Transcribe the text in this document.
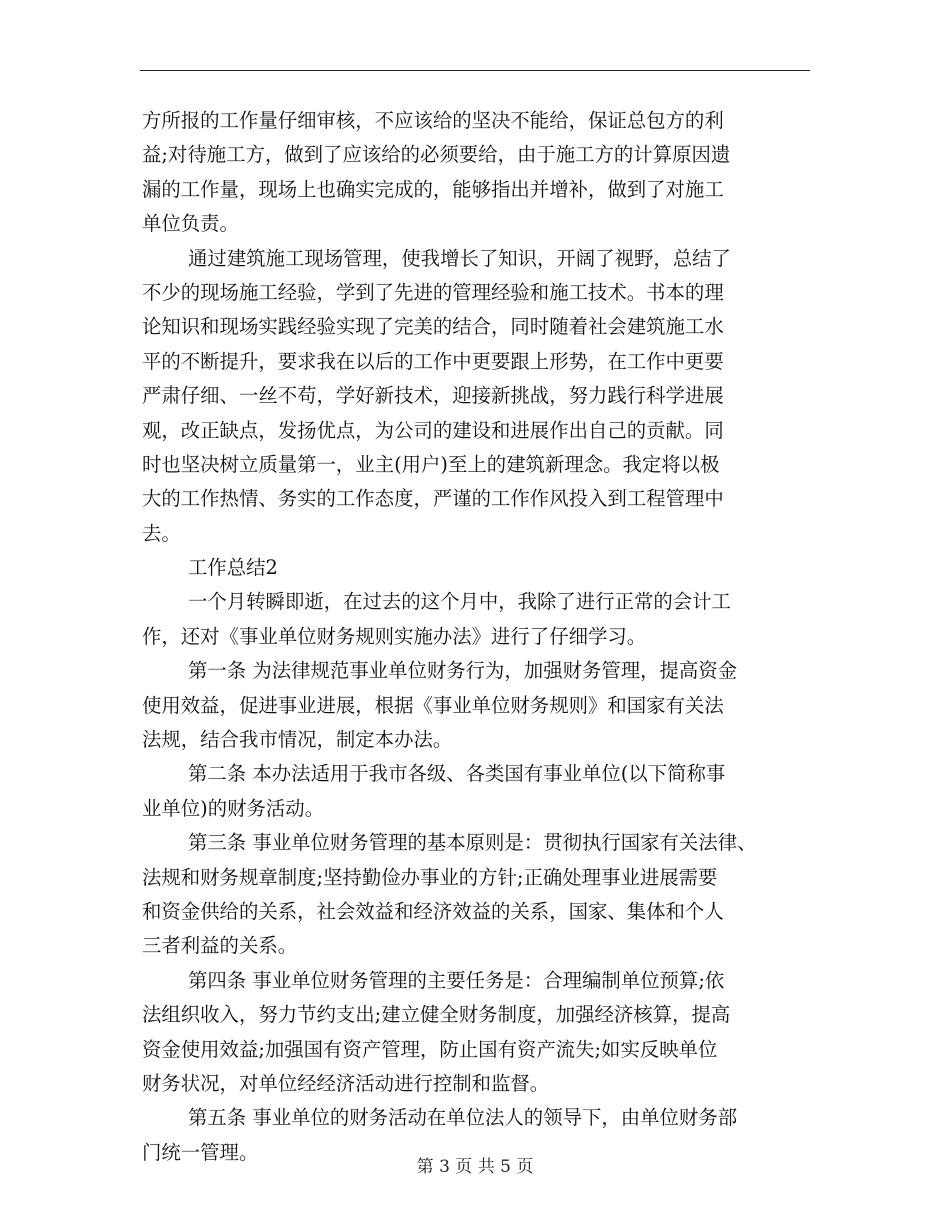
方所报的工作量仔细审核，不应该给的坚决不能给，保证总包方的利
益;对待施工方，做到了应该给的必须要给，由于施工方的计算原因遗
漏的工作量，现场上也确实完成的，能够指出并增补，做到了对施工
单位负责。
通过建筑施工现场管理，使我增长了知识，开阔了视野，总结了
不少的现场施工经验，学到了先进的管理经验和施工技术。书本的理
论知识和现场实践经验实现了完美的结合，同时随着社会建筑施工水
平的不断提升，要求我在以后的工作中更要跟上形势，在工作中更要
严肃仔细、一丝不苟，学好新技术，迎接新挑战，努力践行科学进展
观，改正缺点，发扬优点，为公司的建设和进展作出自己的贡献。同
时也坚决树立质量第一，业主(用户)至上的建筑新理念。我定将以极
大的工作热情、务实的工作态度，严谨的工作作风投入到工程管理中
去。
工作总结2
一个月转瞬即逝，在过去的这个月中，我除了进行正常的会计工
作，还对《事业单位财务规则实施办法》进行了仔细学习。
第一条 为法律规范事业单位财务行为，加强财务管理，提高资金
使用效益，促进事业进展，根据《事业单位财务规则》和国家有关法
法规，结合我市情况，制定本办法。
第二条 本办法适用于我市各级、各类国有事业单位(以下简称事
业单位)的财务活动。
第三条 事业单位财务管理的基本原则是：贯彻执行国家有关法律、
法规和财务规章制度;坚持勤俭办事业的方针;正确处理事业进展需要
和资金供给的关系，社会效益和经济效益的关系，国家、集体和个人
三者利益的关系。
第四条 事业单位财务管理的主要任务是：合理编制单位预算;依
法组织收入，努力节约支出;建立健全财务制度，加强经济核算，提高
资金使用效益;加强国有资产管理，防止国有资产流失;如实反映单位
财务状况，对单位经经济活动进行控制和监督。
第五条 事业单位的财务活动在单位法人的领导下，由单位财务部
门统一管理。
第 3 页 共 5 页
